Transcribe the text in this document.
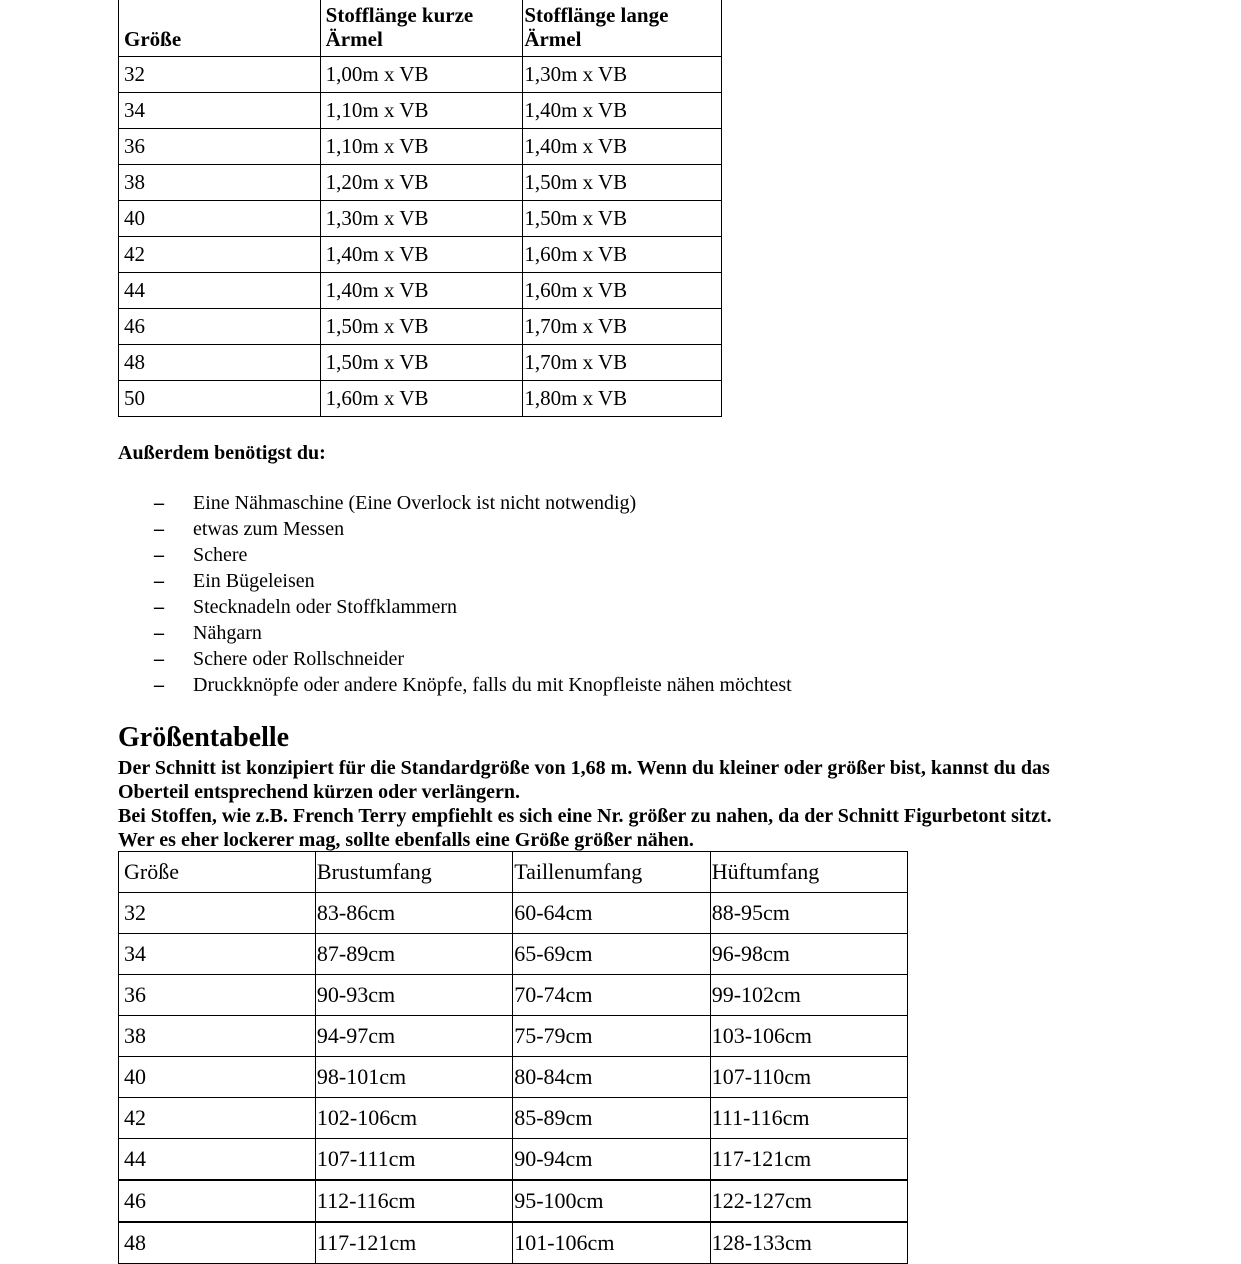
Größe	Stofflänge kurze Ärmel	Stofflänge lange Ärmel
32	1,00m x VB	1,30m x VB
34	1,10m x VB	1,40m x VB
36	1,10m x VB	1,40m x VB
38	1,20m x VB	1,50m x VB
40	1,30m x VB	1,50m x VB
42	1,40m x VB	1,60m x VB
44	1,40m x VB	1,60m x VB
46	1,50m x VB	1,70m x VB
48	1,50m x VB	1,70m x VB
50	1,60m x VB	1,80m x VB
Außerdem benötigst du:
– Eine Nähmaschine (Eine Overlock ist nicht notwendig)
– etwas zum Messen
– Schere
– Ein Bügeleisen
– Stecknadeln oder Stoffklammern
– Nähgarn
– Schere oder Rollschneider
– Druckknöpfe oder andere Knöpfe, falls du mit Knopfleiste nähen möchtest
Größentabelle

Der Schnitt ist konzipiert für die Standardgröße von 1,68 m. Wenn du kleiner oder größer bist, kannst du das Oberteil entsprechend kürzen oder verlängern.

Bei Stoffen, wie z.B. French Terry empfiehlt es sich eine Nr. größer zu nahen, da der Schnitt Figurbetont sitzt.

Wer es eher lockerer mag, sollte ebenfalls eine Größe größer nähen.

Größe	Brustumfang	Taillenumfang	Hüftumfang
32	83-86cm	60-64cm	88-95cm
34	87-89cm	65-69cm	96-98cm
36	90-93cm	70-74cm	99-102cm
38	94-97cm	75-79cm	103-106cm
40	98-101cm	80-84cm	107-110cm
42	102-106cm	85-89cm	111-116cm
44	107-111cm	90-94cm	117-121cm
46	112-116cm	95-100cm	122-127cm
48	117-121cm	101-106cm	128-133cm
